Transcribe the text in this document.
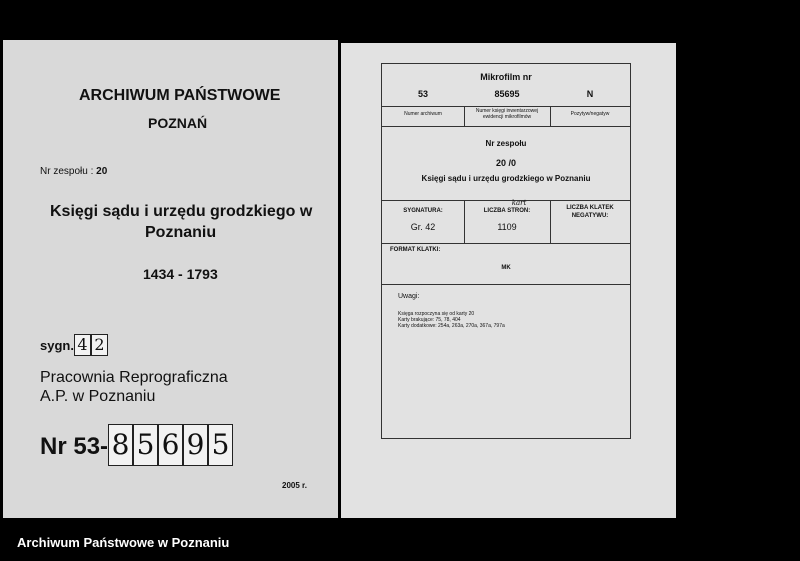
ARCHIWUM PAŃSTWOWE
POZNAŃ
Nr zespołu : 20
Księgi sądu i urzędu grodzkiego w
Poznaniu
1434 - 1793
sygn. 4 2
Pracownia Reprograficzna
A.P. w Poznaniu
Nr 53- 8 5 6 9 5
2005 r.
Mikrofilm nr
53	85695	N
Numer archiwum	Numer księgi inwentarzowej ewidencji mikrofilmów	Pozytyw/negatyw
Nr zespołu
20 /0
Księgi sądu i urzędu grodzkiego w Poznaniu
SYGNATURA:
Gr. 42
kart
LICZBA STRON:
1109
LICZBA KLATEK NEGATYWU:
FORMAT KLATKI:
MK
Uwagi:
Księga rozpoczyna się od karty 20
Karty brakujące: 75, 78, 404
Karty dodatkowe: 254a, 263a, 270a, 367a, 797a
Archiwum Państwowe w Poznaniu
